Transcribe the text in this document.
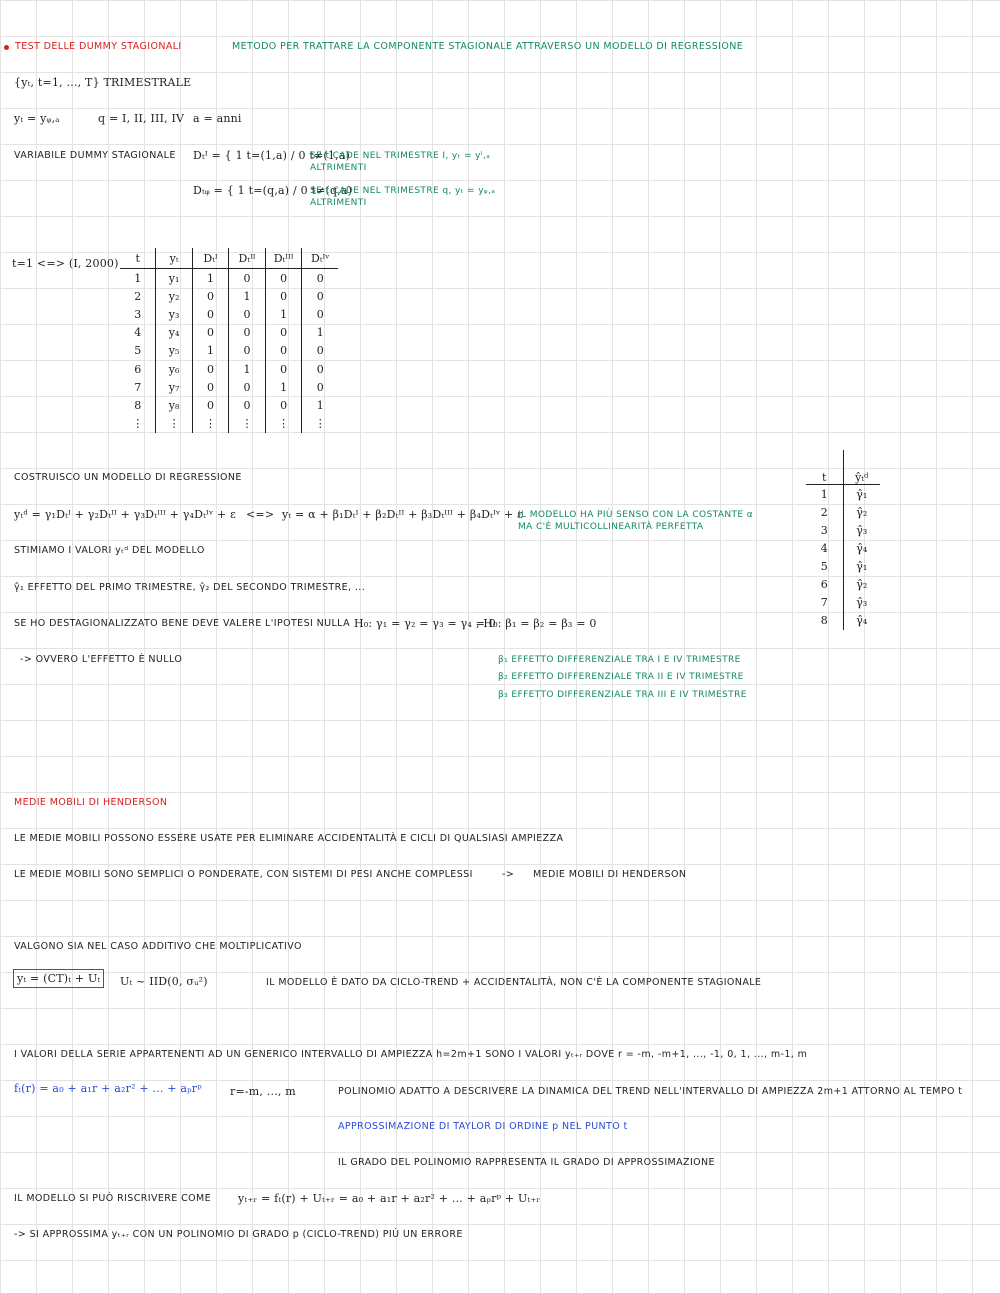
TEST DELLE DUMMY STAGIONALI	METODO PER TRATTARE LA COMPONENTE STAGIONALE ATTRAVERSO UN MODELLO DI REGRESSIONE
{yₜ, t=1, ..., T} TRIMESTRALE
yₜ = yᵩ,ₐ	q = I, II, III, IV a = anni
VARIABILE DUMMY STAGIONALE Dₜᴵ = { 1 t=(1,a) / 0 t≠(1,a)
SE t CADE NEL TRIMESTRE I, yₜ = yᴵ,ₐ
ALTRIMENTI
Dₜᵩ = { 1 t=(q,a) / 0 t≠(q,a)
SE t CADE NEL TRIMESTRE q, yₜ = yᵩ,ₐ
ALTRIMENTI
t=1 <=> (I, 2000) t	yₜ	Dₜᴵ	Dₜᴵᴵ	Dₜᴵᴵᴵ	Dₜᴵᵛ
1	y₁	1	0	0	0
2	y₂	0	1	0	0
3	y₃	0	0	1	0
4	y₄	0	0	0	1
5	y₅	1	0	0	0
6	y₆	0	1	0	0
7	y₇	0	0	1	0
8	y₈	0	0	0	1
⋮	⋮	⋮	⋮	⋮	⋮
COSTRUISCO UN MODELLO DI REGRESSIONE
yₜᵈ = γ₁Dₜᴵ + γ₂Dₜᴵᴵ + γ₃Dₜᴵᴵᴵ + γ₄Dₜᴵᵛ + ε <=> yₜ = α + β₁Dₜᴵ + β₂Dₜᴵᴵ + β₃Dₜᴵᴵᴵ + β₄Dₜᴵᵛ + ε
IL MODELLO HA PIÙ SENSO CON LA COSTANTE α
MA C'È MULTICOLLINEARITÀ PERFETTA
STIMIAMO I VALORI yₜᵈ DEL MODELLO
γ̂₁ EFFETTO DEL PRIMO TRIMESTRE, γ̂₂ DEL SECONDO TRIMESTRE, ...
SE HO DESTAGIONALIZZATO BENE DEVE VALERE L'IPOTESI NULLA H₀: γ₁ = γ₂ = γ₃ = γ₄ = 0
, H₀: β₁ = β₂ = β₃ = 0
-> OVVERO L'EFFETTO È NULLO	β₁ EFFETTO DIFFERENZIALE TRA I E IV TRIMESTRE
β₂ EFFETTO DIFFERENZIALE TRA II E IV TRIMESTRE
β₃ EFFETTO DIFFERENZIALE TRA III E IV TRIMESTRE
t	ŷₜᵈ
1	γ̂₁
2	γ̂₂
3	γ̂₃
4	γ̂₄
5	γ̂₁
6	γ̂₂
7	γ̂₃
8	γ̂₄
MEDIE MOBILI DI HENDERSON
LE MEDIE MOBILI POSSONO ESSERE USATE PER ELIMINARE ACCIDENTALITÀ E CICLI DI QUALSIASI AMPIEZZA
LE MEDIE MOBILI SONO SEMPLICI O PONDERATE, CON SISTEMI DI PESI ANCHE COMPLESSI	-> MEDIE MOBILI DI HENDERSON
VALGONO SIA NEL CASO ADDITIVO CHE MOLTIPLICATIVO
yₜ = (CT)ₜ + Uₜ	Uₜ ~ IID(0, σᵤ²)	IL MODELLO È DATO DA CICLO-TREND + ACCIDENTALITÀ, NON C'È LA COMPONENTE STAGIONALE
I VALORI DELLA SERIE APPARTENENTI AD UN GENERICO INTERVALLO DI AMPIEZZA h=2m+1 SONO I VALORI yₜ₊ᵣ DOVE r = -m, -m+1, ..., -1, 0, 1, ..., m-1, m
fₜ(r) = a₀ + a₁r + a₂r² + ... + aₚrᵖ	r=-m, ..., m	POLINOMIO ADATTO A DESCRIVERE LA DINAMICA DEL TREND NELL'INTERVALLO DI AMPIEZZA 2m+1 ATTORNO AL TEMPO t
APPROSSIMAZIONE DI TAYLOR DI ORDINE p NEL PUNTO t
IL GRADO DEL POLINOMIO RAPPRESENTA IL GRADO DI APPROSSIMAZIONE
IL MODELLO SI PUÒ RISCRIVERE COME yₜ₊ᵣ = fₜ(r) + Uₜ₊ᵣ = a₀ + a₁r + a₂r² + ... + aₚrᵖ + Uₜ₊ᵣ
-> SI APPROSSIMA yₜ₊ᵣ CON UN POLINOMIO DI GRADO p (CICLO-TREND) PIÙ UN ERRORE
